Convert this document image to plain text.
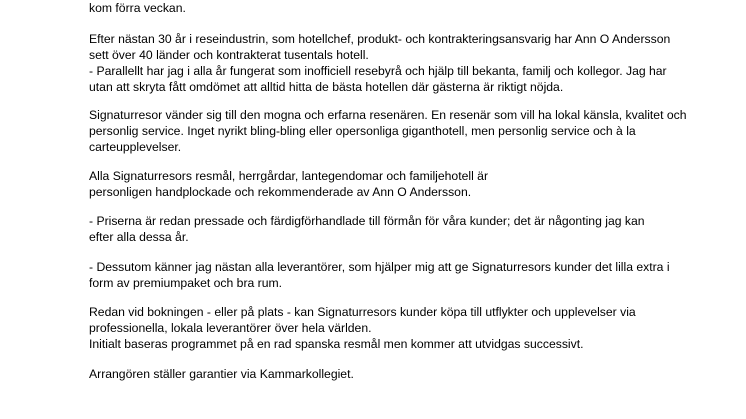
kom förra veckan.
Efter nästan 30 år i reseindustrin, som hotellchef, produkt- och kontrakteringsansvarig har Ann O Andersson
sett över 40 länder och kontrakterat tusentals hotell.
- Parallellt har jag i alla år fungerat som inofficiell resebyrå och hjälp till bekanta, familj och kollegor. Jag har
utan att skryta fått omdömet att alltid hitta de bästa hotellen där gästerna är riktigt nöjda.
Signaturresor vänder sig till den mogna och erfarna resenären. En resenär som vill ha lokal känsla, kvalitet och
personlig service. Inget nyrikt bling-bling eller opersonliga giganthotell, men personlig service och à la
carteupplevelser.
Alla Signaturresors resmål, herrgårdar, lantegendomar och familjehotell är
personligen handplockade och rekommenderade av Ann O Andersson.
- Priserna är redan pressade och färdigförhandlade till förmån för våra kunder; det är någonting jag kan
efter alla dessa år.
- Dessutom känner jag nästan alla leverantörer, som hjälper mig att ge Signaturresors kunder det lilla extra i
form av premiumpaket och bra rum.
Redan vid bokningen - eller på plats - kan Signaturresors kunder köpa till utflykter och upplevelser via
professionella, lokala leverantörer över hela världen.
Initialt baseras programmet på en rad spanska resmål men kommer att utvidgas successivt.
Arrangören ställer garantier via Kammarkollegiet.
